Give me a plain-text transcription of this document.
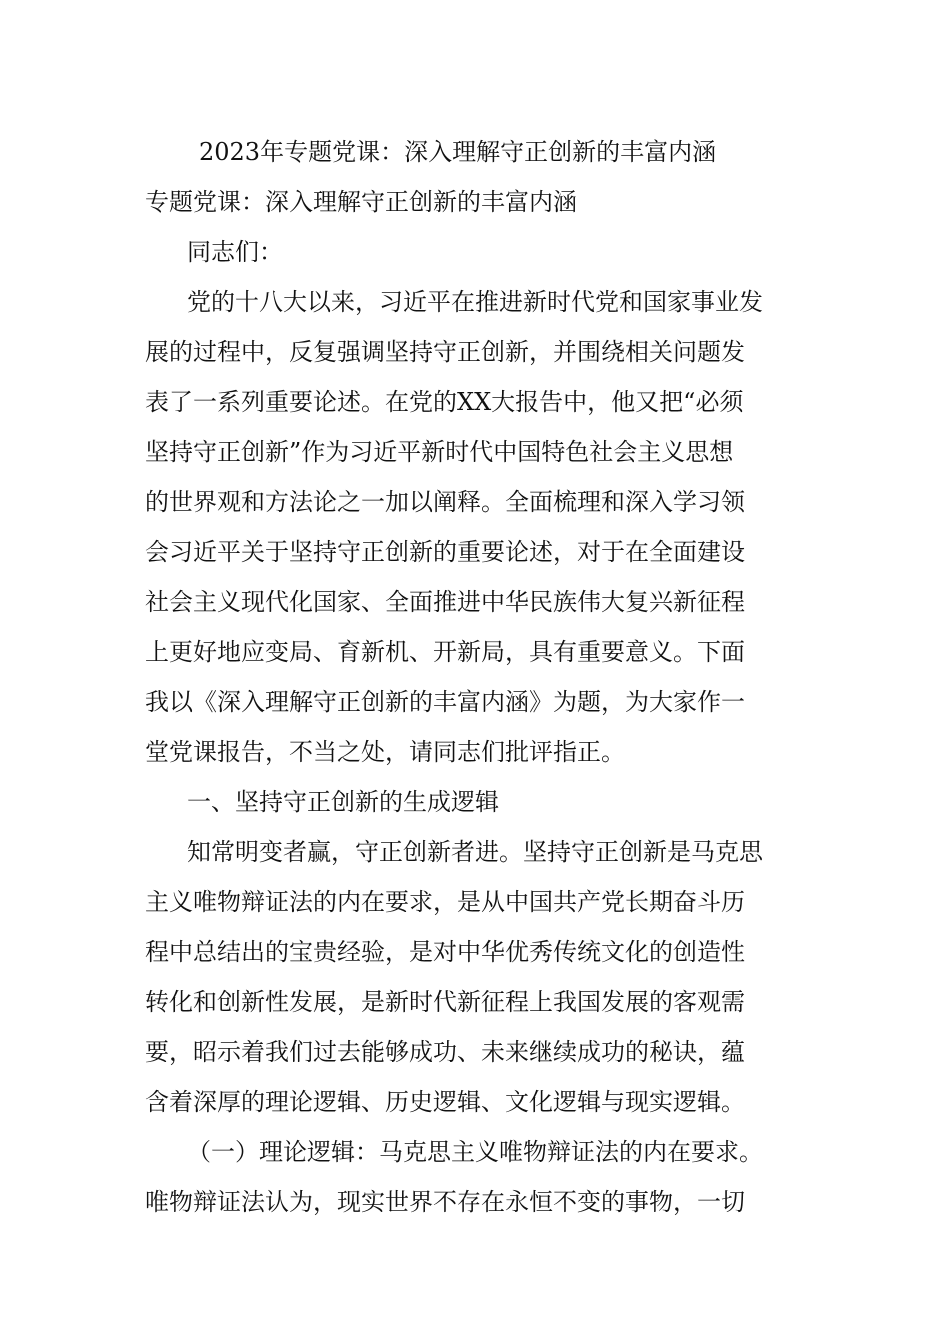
2023年专题党课：深入理解守正创新的丰富内涵
专题党课：深入理解守正创新的丰富内涵
同志们：
党的十八大以来，习近平在推进新时代党和国家事业发
展的过程中，反复强调坚持守正创新，并围绕相关问题发
表了一系列重要论述。在党的XX大报告中，他又把“必须
坚持守正创新”作为习近平新时代中国特色社会主义思想
的世界观和方法论之一加以阐释。全面梳理和深入学习领
会习近平关于坚持守正创新的重要论述，对于在全面建设
社会主义现代化国家、全面推进中华民族伟大复兴新征程
上更好地应变局、育新机、开新局，具有重要意义。下面
我以《深入理解守正创新的丰富内涵》为题，为大家作一
堂党课报告，不当之处，请同志们批评指正。
一、坚持守正创新的生成逻辑
知常明变者赢，守正创新者进。坚持守正创新是马克思
主义唯物辩证法的内在要求，是从中国共产党长期奋斗历
程中总结出的宝贵经验，是对中华优秀传统文化的创造性
转化和创新性发展，是新时代新征程上我国发展的客观需
要，昭示着我们过去能够成功、未来继续成功的秘诀，蕴
含着深厚的理论逻辑、历史逻辑、文化逻辑与现实逻辑。
（一）理论逻辑：马克思主义唯物辩证法的内在要求。
唯物辩证法认为，现实世界不存在永恒不变的事物，一切
